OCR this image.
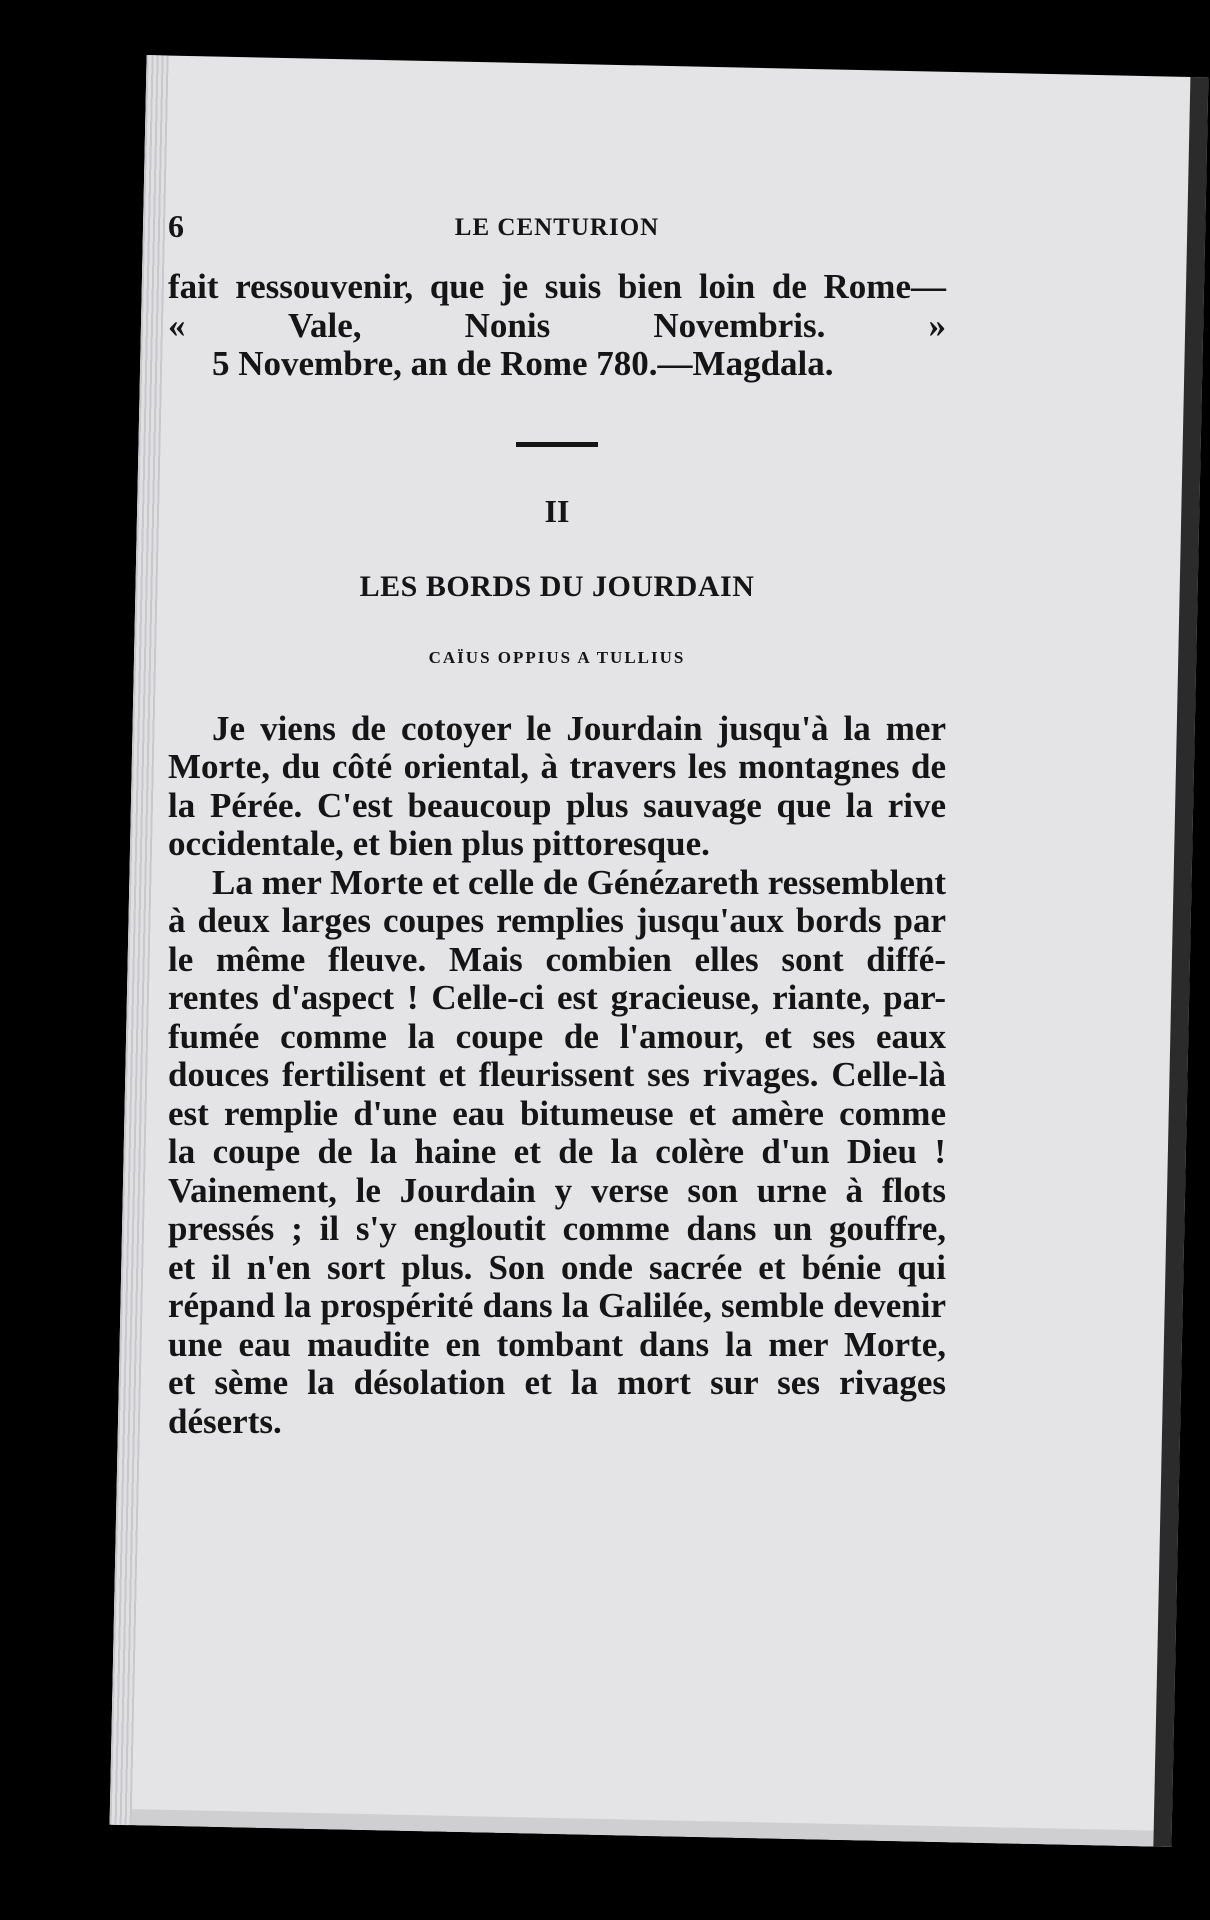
6	LE CENTURION

fait ressouvenir, que je suis bien loin de Rome—
« Vale, Nonis Novembris. »
5 Novembre, an de Rome 780.—Magdala.

II
LES BORDS DU JOURDAIN
CAÏUS OPPIUS A TULLIUS

Je viens de cotoyer le Jourdain jusqu'à la mer
Morte, du côté oriental, à travers les montagnes de
la Pérée. C'est beaucoup plus sauvage que la rive
occidentale, et bien plus pittoresque.

La mer Morte et celle de Génézareth ressemblent
à deux larges coupes remplies jusqu'aux bords par
le même fleuve. Mais combien elles sont diffé-
rentes d'aspect ! Celle-ci est gracieuse, riante, par-
fumée comme la coupe de l'amour, et ses eaux
douces fertilisent et fleurissent ses rivages. Celle-là
est remplie d'une eau bitumeuse et amère comme
la coupe de la haine et de la colère d'un Dieu !
Vainement, le Jourdain y verse son urne à flots
pressés ; il s'y engloutit comme dans un gouffre,
et il n'en sort plus. Son onde sacrée et bénie qui
répand la prospérité dans la Galilée, semble devenir
une eau maudite en tombant dans la mer Morte,
et sème la désolation et la mort sur ses rivages
déserts.
